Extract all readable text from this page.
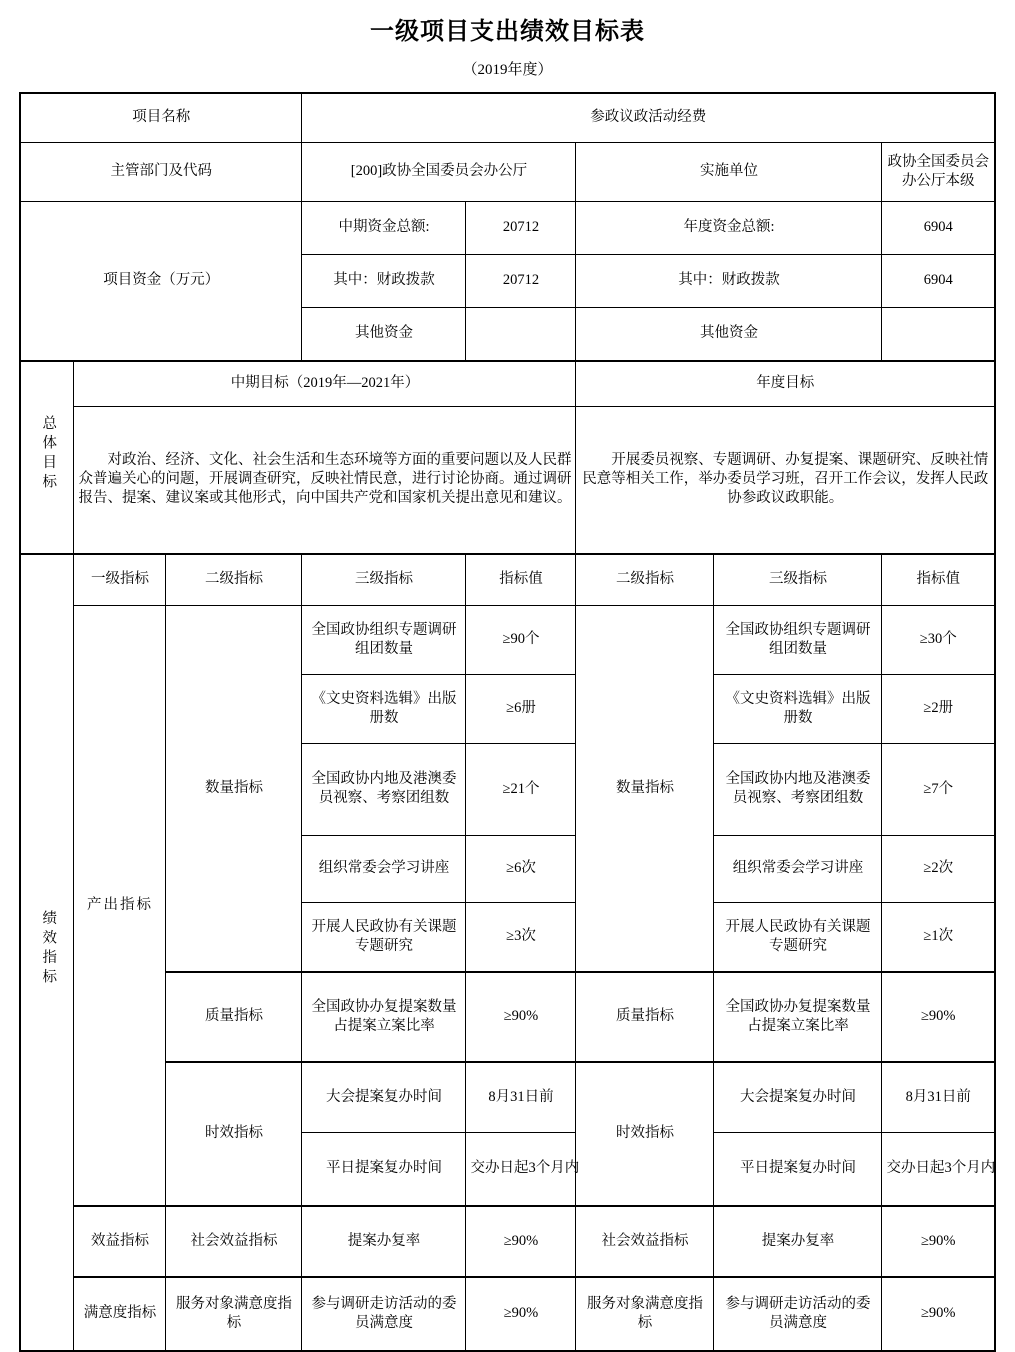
一级项目支出绩效目标表
（2019年度）
项目名称			参政议政活动经费				
主管部门及代码			[200]政协全国委员会办公厅		实施单位		政协全国委员会办公厅本级
项目资金（万元）			中期资金总额:	20712	年度资金总额:		6904
			其中：财政拨款	20712	其中：财政拨款		6904
			其他资金		其他资金		
总体目标	中期目标（2019年—2021年）				年度目标		
	对政治、经济、文化、社会生活和生态环境等方面的重要问题以及人民群众普遍关心的问题，开展调查研究，反映社情民意，进行讨论协商。通过调研报告、提案、建议案或其他形式，向中国共产党和国家机关提出意见和建议。				开展委员视察、专题调研、办复提案、课题研究、反映社情民意等相关工作，举办委员学习班，召开工作会议，发挥人民政协参政议政职能。		
绩效指标	一级指标	二级指标	三级指标	指标值	二级指标	三级指标	指标值
	产出指标	数量指标	全国政协组织专题调研组团数量	≥90个	数量指标	全国政协组织专题调研组团数量	≥30个
			《文史资料选辑》出版册数	≥6册		《文史资料选辑》出版册数	≥2册
			全国政协内地及港澳委员视察、考察团组数	≥21个		全国政协内地及港澳委员视察、考察团组数	≥7个
			组织常委会学习讲座	≥6次		组织常委会学习讲座	≥2次
			开展人民政协有关课题专题研究	≥3次		开展人民政协有关课题专题研究	≥1次
		质量指标	全国政协办复提案数量占提案立案比率	≥90%	质量指标	全国政协办复提案数量占提案立案比率	≥90%
		时效指标	大会提案复办时间	8月31日前	时效指标	大会提案复办时间	8月31日前
			平日提案复办时间	交办日起3个月内		平日提案复办时间	交办日起3个月内
	效益指标	社会效益指标	提案办复率	≥90%	社会效益指标	提案办复率	≥90%
	满意度指标	服务对象满意度指标	参与调研走访活动的委员满意度	≥90%	服务对象满意度指标	参与调研走访活动的委员满意度	≥90%
